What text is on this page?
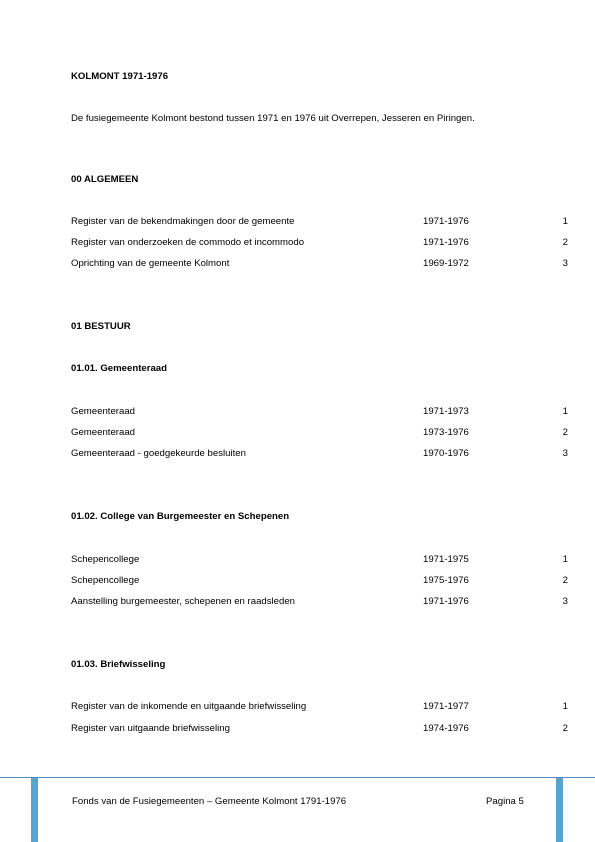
KOLMONT 1971-1976
De fusiegemeente Kolmont bestond tussen 1971 en 1976 uit Overrepen, Jesseren en Piringen.
00 ALGEMEEN
Register van de bekendmakingen door de gemeente	1971-1976	1
Register van onderzoeken de commodo et incommodo	1971-1976	2
Oprichting van de gemeente Kolmont	1969-1972	3
01 BESTUUR
01.01. Gemeenteraad
Gemeenteraad	1971-1973	1
Gemeenteraad	1973-1976	2
Gemeenteraad - goedgekeurde besluiten	1970-1976	3
01.02. College van Burgemeester en Schepenen
Schepencollege	1971-1975	1
Schepencollege	1975-1976	2
Aanstelling burgemeester, schepenen en raadsleden	1971-1976	3
01.03. Briefwisseling
Register van de inkomende en uitgaande briefwisseling	1971-1977	1
Register van uitgaande briefwisseling	1974-1976	2
Fonds van de Fusiegemeenten – Gemeente Kolmont 1791-1976	Pagina 5
